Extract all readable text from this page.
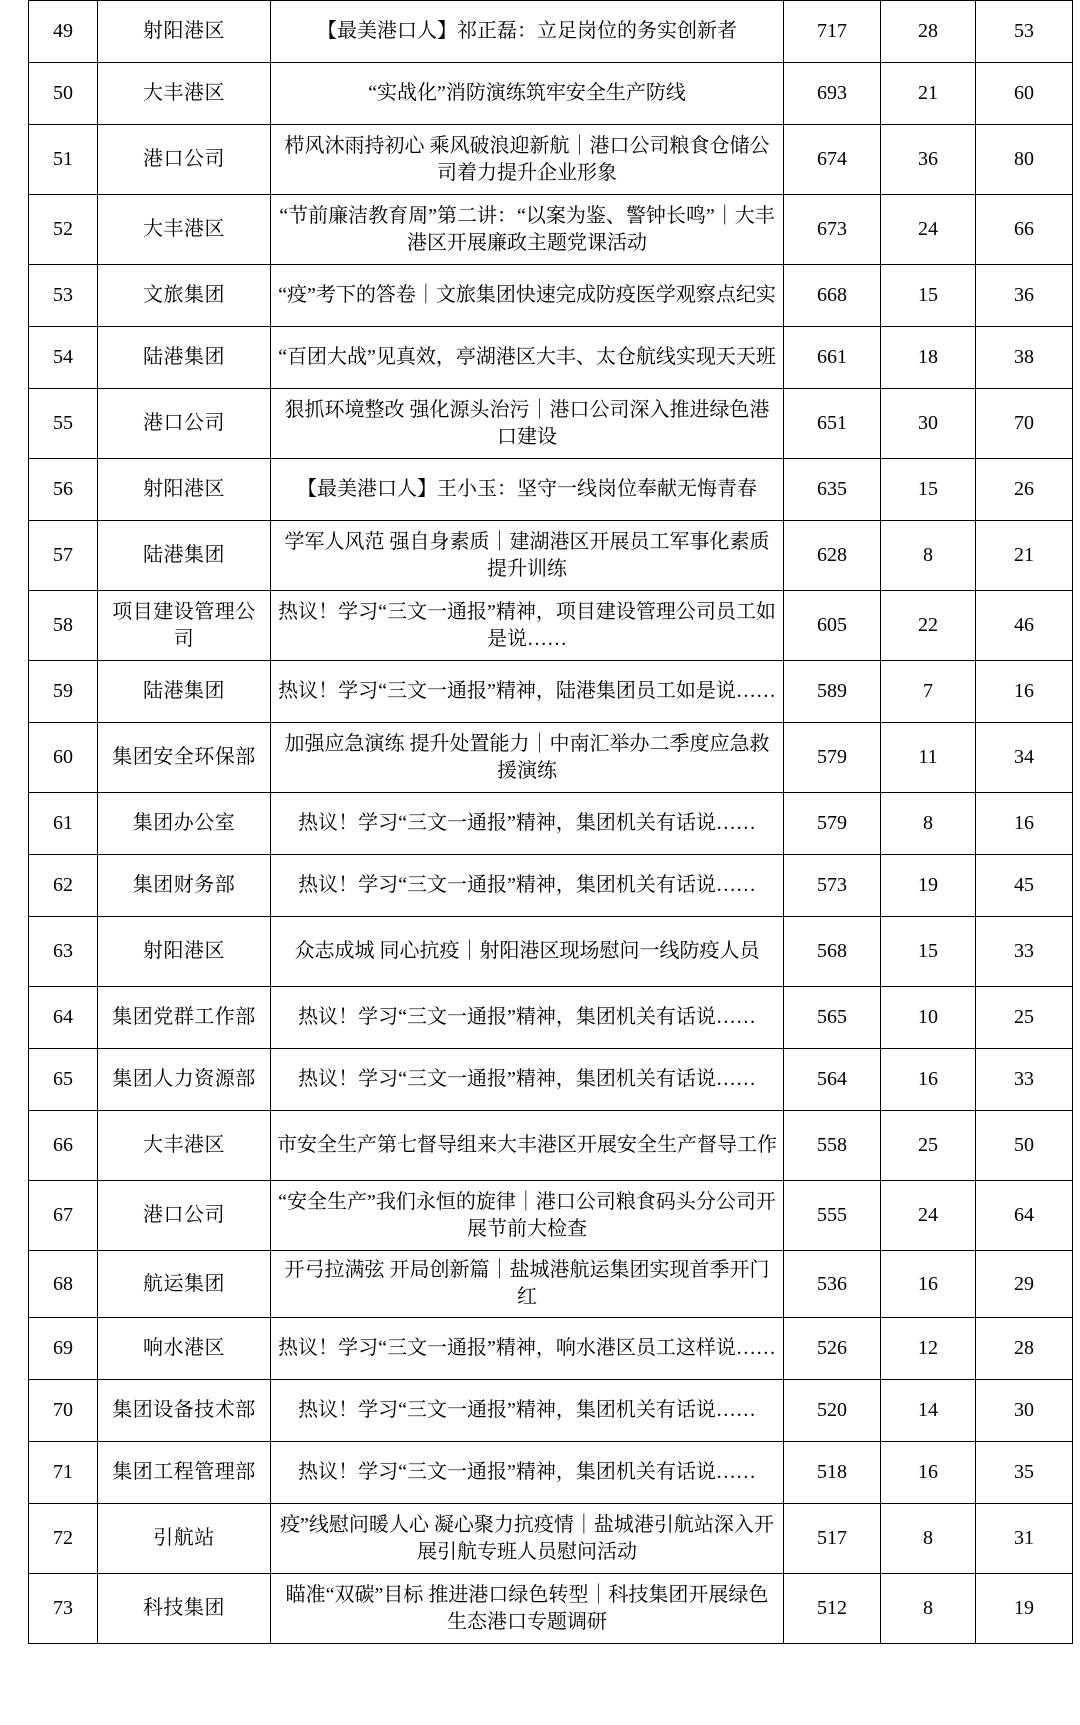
49	射阳港区	【最美港口人】祁正磊：立足岗位的务实创新者	717	28	53
50	大丰港区	“实战化”消防演练筑牢安全生产防线	693	21	60
51	港口公司	栉风沐雨持初心 乘风破浪迎新航｜港口公司粮食仓储公司着力提升企业形象	674	36	80
52	大丰港区	“节前廉洁教育周”第二讲：“以案为鉴、警钟长鸣”｜大丰港区开展廉政主题党课活动	673	24	66
53	文旅集团	“疫”考下的答卷｜文旅集团快速完成防疫医学观察点纪实	668	15	36
54	陆港集团	“百团大战”见真效，亭湖港区大丰、太仓航线实现天天班	661	18	38
55	港口公司	狠抓环境整改 强化源头治污｜港口公司深入推进绿色港口建设	651	30	70
56	射阳港区	【最美港口人】王小玉：坚守一线岗位奉献无悔青春	635	15	26
57	陆港集团	学军人风范 强自身素质｜建湖港区开展员工军事化素质提升训练	628	8	21
58	项目建设管理公司	热议！学习“三文一通报”精神，项目建设管理公司员工如是说……	605	22	46
59	陆港集团	热议！学习“三文一通报”精神，陆港集团员工如是说……	589	7	16
60	集团安全环保部	加强应急演练 提升处置能力｜中南汇举办二季度应急救援演练	579	11	34
61	集团办公室	热议！学习“三文一通报”精神，集团机关有话说……	579	8	16
62	集团财务部	热议！学习“三文一通报”精神，集团机关有话说……	573	19	45
63	射阳港区	众志成城 同心抗疫｜射阳港区现场慰问一线防疫人员	568	15	33
64	集团党群工作部	热议！学习“三文一通报”精神，集团机关有话说……	565	10	25
65	集团人力资源部	热议！学习“三文一通报”精神，集团机关有话说……	564	16	33
66	大丰港区	市安全生产第七督导组来大丰港区开展安全生产督导工作	558	25	50
67	港口公司	“安全生产”我们永恒的旋律｜港口公司粮食码头分公司开展节前大检查	555	24	64
68	航运集团	开弓拉满弦 开局创新篇｜盐城港航运集团实现首季开门红	536	16	29
69	响水港区	热议！学习“三文一通报”精神，响水港区员工这样说……	526	12	28
70	集团设备技术部	热议！学习“三文一通报”精神，集团机关有话说……	520	14	30
71	集团工程管理部	热议！学习“三文一通报”精神，集团机关有话说……	518	16	35
72	引航站	疫”线慰问暖人心 凝心聚力抗疫情｜盐城港引航站深入开展引航专班人员慰问活动	517	8	31
73	科技集团	瞄准“双碳”目标 推进港口绿色转型｜科技集团开展绿色生态港口专题调研	512	8	19
